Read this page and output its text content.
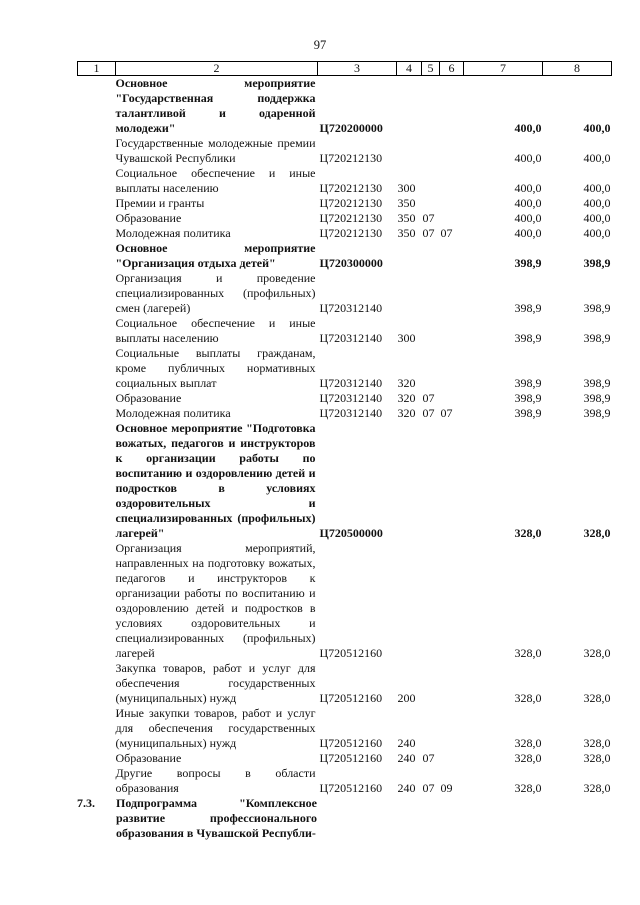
97
1	2	3	4	5	6	7	8
	Основное мероприятие "Государственная поддержка талантливой и одаренной молодежи"	Ц720200000				400,0	400,0
	Государственные молодежные премии Чувашской Республики	Ц720212130				400,0	400,0
	Социальное обеспечение и иные выплаты населению	Ц720212130	300			400,0	400,0
	Премии и гранты	Ц720212130	350			400,0	400,0
	Образование	Ц720212130	350	07		400,0	400,0
	Молодежная политика	Ц720212130	350	07	07	400,0	400,0
	Основное мероприятие "Организация отдыха детей"	Ц720300000				398,9	398,9
	Организация и проведение специализированных (профильных) смен (лагерей)	Ц720312140				398,9	398,9
	Социальное обеспечение и иные выплаты населению	Ц720312140	300			398,9	398,9
	Социальные выплаты гражданам, кроме публичных нормативных социальных выплат	Ц720312140	320			398,9	398,9
	Образование	Ц720312140	320	07		398,9	398,9
	Молодежная политика	Ц720312140	320	07	07	398,9	398,9
	Основное мероприятие "Подготовка вожатых, педагогов и инструкторов к организации работы по воспитанию и оздоровлению детей и подростков в условиях оздоровительных и специализированных (профильных) лагерей"	Ц720500000				328,0	328,0
	Организация мероприятий, направленных на подготовку вожатых, педагогов и инструкторов к организации работы по воспитанию и оздоровлению детей и подростков в условиях оздоровительных и специализированных (профильных) лагерей	Ц720512160				328,0	328,0
	Закупка товаров, работ и услуг для обеспечения государственных (муниципальных) нужд	Ц720512160	200			328,0	328,0
	Иные закупки товаров, работ и услуг для обеспечения государственных (муниципальных) нужд	Ц720512160	240			328,0	328,0
	Образование	Ц720512160	240	07		328,0	328,0
	Другие вопросы в области образования	Ц720512160	240	07	09	328,0	328,0
7.3.	Подпрограмма "Комплексное развитие профессионального образования в Чувашской Республи-
